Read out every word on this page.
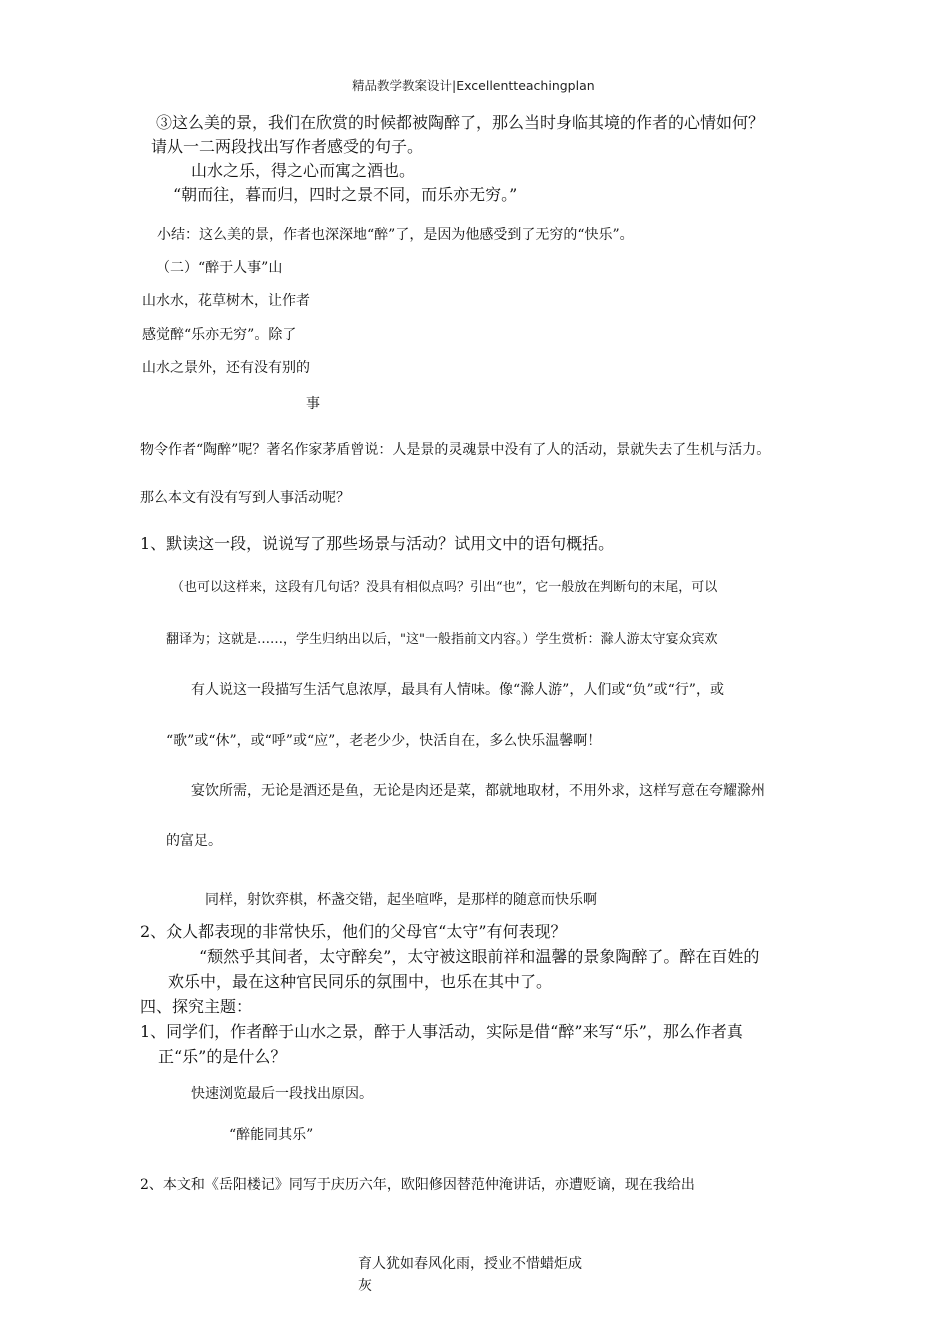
精品教学教案设计|Excellentteachingplan
③这么美的景，我们在欣赏的时候都被陶醉了，那么当时身临其境的作者的心情如何？
请从一二两段找出写作者感受的句子。
山水之乐，得之心而寓之酒也。
“朝而往，暮而归，四时之景不同，而乐亦无穷。”
小结：这么美的景，作者也深深地“醉”了，是因为他感受到了无穷的“快乐”。
（二）“醉于人事”山
山水水，花草树木，让作者
感觉醉“乐亦无穷”。除了
山水之景外，还有没有别的
事
物令作者“陶醉”呢？著名作家茅盾曾说：人是景的灵魂景中没有了人的活动，景就失去了生机与活力。
那么本文有没有写到人事活动呢？
1、默读这一段，说说写了那些场景与活动？试用文中的语句概括。
（也可以这样来，这段有几句话？没具有相似点吗？引出“也”，它一般放在判断句的末尾，可以
翻译为；这就是……，学生归纳出以后，"这"一般指前文内容。）学生赏析：滁人游太守宴众宾欢
有人说这一段描写生活气息浓厚，最具有人情味。像“滁人游”，人们或“负”或“行”，或
“歌”或“休”，或“呼”或“应”，老老少少，快活自在，多么快乐温馨啊！
宴饮所需，无论是酒还是鱼，无论是肉还是菜，都就地取材，不用外求，这样写意在夸耀滁州
的富足。
同样，射饮弈棋，杯盏交错，起坐喧哗，是那样的随意而快乐啊
2、众人都表现的非常快乐，他们的父母官“太守”有何表现？
“颓然乎其间者，太守醉矣”，太守被这眼前祥和温馨的景象陶醉了。醉在百姓的
欢乐中，最在这种官民同乐的氛围中，也乐在其中了。
四、探究主题：
1、同学们，作者醉于山水之景，醉于人事活动，实际是借“醉”来写“乐”，那么作者真
正“乐”的是什么？
快速浏览最后一段找出原因。
“醉能同其乐”
2、本文和《岳阳楼记》同写于庆历六年，欧阳修因替范仲淹讲话，亦遭贬谪，现在我给出
育人犹如春风化雨，授业不惜蜡炬成
灰
